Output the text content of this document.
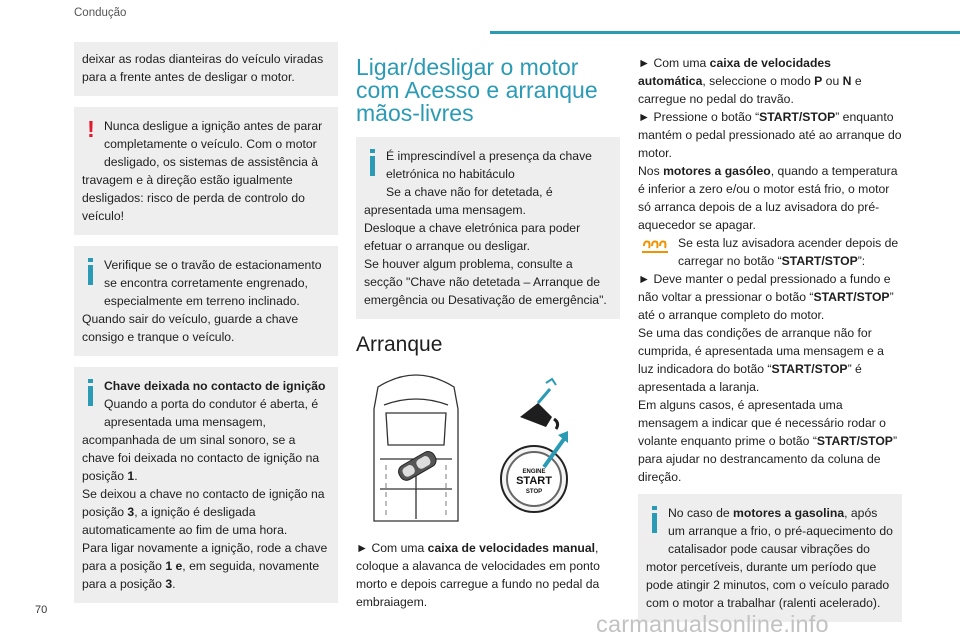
Condução

deixar as rodas dianteiras do veículo viradas para a frente antes de desligar o motor.

! Nunca desligue a ignição antes de parar completamente o veículo. Com o motor desligado, os sistemas de assistência à travagem e à direção estão igualmente desligados: risco de perda de controlo do veículo!

Verifique se o travão de estacionamento se encontra corretamente engrenado, especialmente em terreno inclinado.

Quando sair do veículo, guarde a chave consigo e tranque o veículo.

Chave deixada no contacto de ignição

Quando a porta do condutor é aberta, é apresentada uma mensagem, acompanhada de um sinal sonoro, se a chave foi deixada no contacto de ignição na posição 1.

Se deixou a chave no contacto de ignição na posição 3, a ignição é desligada automaticamente ao fim de uma hora.

Para ligar novamente a ignição, rode a chave para a posição 1 e, em seguida, novamente para a posição 3.

Ligar/desligar o motor com Acesso e arranque mãos-livres

É imprescindível a presença da chave eletrónica no habitáculo

Se a chave não for detetada, é apresentada uma mensagem.

Desloque a chave eletrónica para poder efetuar o arranque ou desligar.

Se houver algum problema, consulte a secção "Chave não detetada – Arranque de emergência ou Desativação de emergência".

Arranque
ENGINE
START
STOP

► Com uma caixa de velocidades manual, coloque a alavanca de velocidades em ponto morto e depois carregue a fundo no pedal da embraiagem.

► Com uma caixa de velocidades automática, seleccione o modo P ou N e carregue no pedal do travão.

► Pressione o botão “START/STOP” enquanto mantém o pedal pressionado até ao arranque do motor.

Nos motores a gasóleo, quando a temperatura é inferior a zero e/ou o motor está frio, o motor só arranca depois de a luz avisadora do pré-aquecedor se apagar.

Se esta luz avisadora acender depois de carregar no botão “START/STOP”:

► Deve manter o pedal pressionado a fundo e não voltar a pressionar o botão “START/STOP” até o arranque completo do motor.

Se uma das condições de arranque não for cumprida, é apresentada uma mensagem e a luz indicadora do botão “START/STOP” é apresentada a laranja.

Em alguns casos, é apresentada uma mensagem a indicar que é necessário rodar o volante enquanto prime o botão “START/STOP” para ajudar no destrancamento da coluna de direção.

No caso de motores a gasolina, após um arranque a frio, o pré-aquecimento do catalisador pode causar vibrações do motor percetíveis, durante um período que pode atingir 2 minutos, com o veículo parado com o motor a trabalhar (ralenti acelerado).

70
carmanualsonline.info
